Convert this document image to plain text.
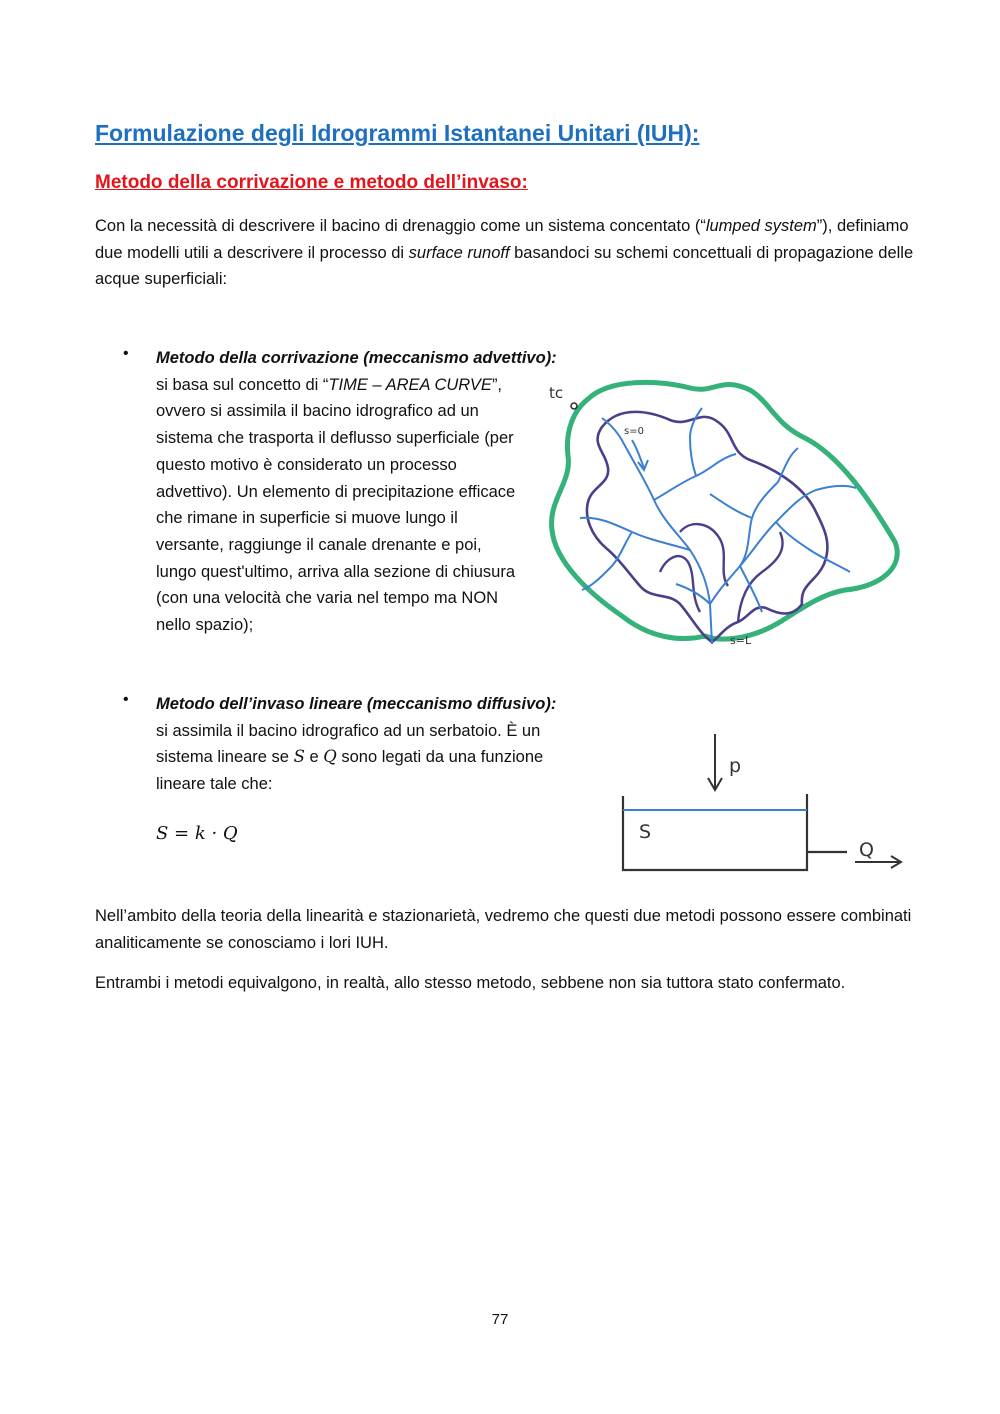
Formulazione degli Idrogrammi Istantanei Unitari (IUH):
Metodo della corrivazione e metodo dell’invaso:

Con la necessità di descrivere il bacino di drenaggio come un sistema concentato (“lumped system”), definiamo due modelli utili a descrivere il processo di surface runoff basandoci su schemi concettuali di propagazione delle acque superficiali:

• Metodo della corrivazione (meccanismo advettivo):
si basa sul concetto di “TIME – AREA CURVE”, ovvero si assimila il bacino idrografico ad un sistema che trasporta il deflusso superficiale (per questo motivo è considerato un processo advettivo). Un elemento di precipitazione efficace che rimane in superficie si muove lungo il versante, raggiunge il canale drenante e poi, lungo quest'ultimo, arriva alla sezione di chiusura (con una velocità che varia nel tempo ma NON nello spazio);
• Metodo dell’invaso lineare (meccanismo diffusivo):
si assimila il bacino idrografico ad un serbatoio. È un sistema lineare se S e Q sono legati da una funzione lineare tale che:
S = k · Q
tc
s=0
s=L
p
S
Q

Nell’ambito della teoria della linearità e stazionarietà, vedremo che questi due metodi possono essere combinati analiticamente se conosciamo i lori IUH.

Entrambi i metodi equivalgono, in realtà, allo stesso metodo, sebbene non sia tuttora stato confermato.

77
